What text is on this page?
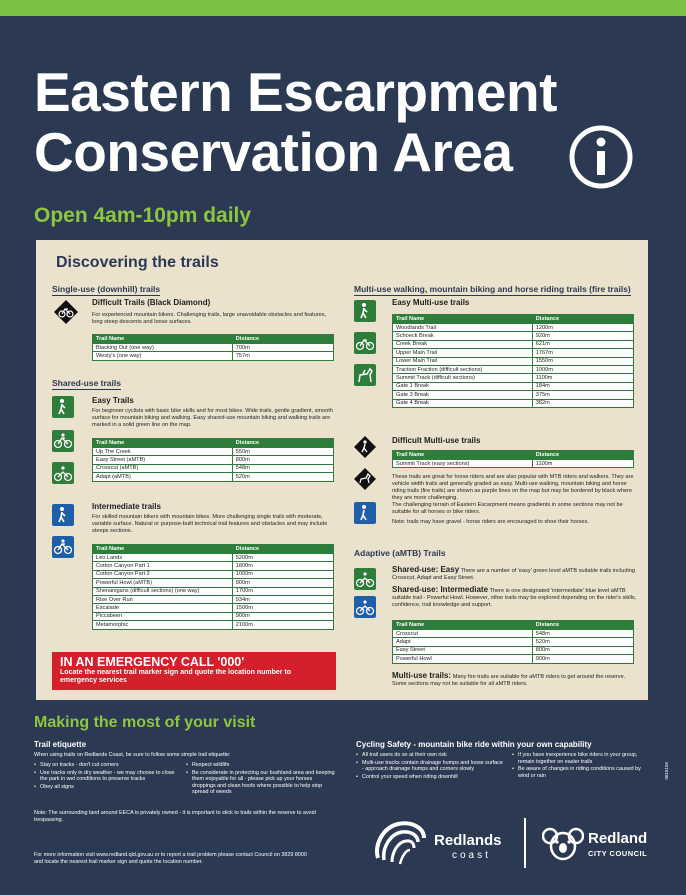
Eastern Escarpment
Conservation Area
Open 4am-10pm daily
Discovering the trails
Single-use (downhill) trails
Difficult Trails (Black Diamond)
For experienced mountain bikers. Challenging trails, large unavoidable obstacles and features, long steep descents and loose surfaces.
Trail Name	Distance
Blacking Out (one way)	700m
Westy's (one way)	757m
Shared-use trails
Easy Trails
For beginner cyclists with basic bike skills and for most bikes. Wide trails, gentle gradient, smooth surface for mountain biking and walking. Easy shared-use mountain biking and walking trails are marked in a solid green line on the map.
Trail Name	Distance
Up The Creek	550m
Easy Street (aMTB)	800m
Crosscut (aMTB)	548m
Adapt (aMTB)	520m
Intermediate trails
For skilled mountain bikers with mountain bikes. More challenging single trails with moderate, variable surface. Natural or purpose-built technical trail features and obstacles and may include steeps sections.
Trail Name	Distance
Leo Lands	5200m
Cotton Canyon Part 1	1800m
Cotton Canyon Part 2	1000m
Powerful Howl (aMTB)	900m
Shenanigans (difficult sections) (one way)	1700m
Rise Over Run	934m
Escalade	1500m
Piccabeen	900m
Metamorphic	2100m
IN AN EMERGENCY CALL '000'
Locate the nearest trail marker sign and quote the location number to emergency services
Multi-use walking, mountain biking and horse riding trails (fire trails)
Easy Multi-use trails
Trail Name	Distance
Woodlands Trail	1200m
Schoeck Break	920m
Creek Break	621m
Upper Main Trail	1767m
Lower Main Trail	1550m
Traction Fraction (difficult sections)	1000m
Summit Track (difficult sections)	1100m
Gate 1 Break	184m
Gate 3 Break	375m
Gate 4 Break	382m
Difficult Multi-use trails
Trail Name	Distance
Summit Track (easy sections)	1100m
These trails are great for horse riders and are also popular with MTB riders and walkers. They are vehicle width trails and generally graded as easy. Multi-use walking, mountain biking and horse riding trails (fire trails) are shown as purple lines on the map but may be bordered by black where they are more challenging.
The challenging terrain of Eastern Escarpment means gradients in some sections may not be suitable for all horses or bike riders.
Note: trails may have gravel - horse riders are encouraged to shoe their horses.
Adaptive (aMTB) Trails
Shared-use: Easy There are a number of 'easy' green level aMTB suitable trails including Crosscut, Adapt and Easy Street.
Shared-use: Intermediate There is one designated 'intermediate' blue level aMTB suitable trail - Powerful Howl. However, other trails may be explored depending on the rider's skills, confidence, trail knowledge and support.
Trail Name	Distance
Crosscut	548m
Adapt	520m
Easy Street	800m
Powerful Howl	900m
Multi-use trails: Many fire trails are suitable for aMTB riders to get around the reserve. Some sections may not be suitable for all aMTB riders.
Making the most of your visit
Trail etiquette
When using trails on Redlands Coast, be sure to follow some simple trail etiquette:
• Stay on tracks - don't cut corners
• Use tracks only in dry weather - we may choose to close the park in wet conditions to preserve tracks
• Obey all signs
• Respect wildlife
• Be considerate in protecting our bushland area and keeping them enjoyable for all - please pick up your horses droppings and clean hoofs where possible to help stop spread of weeds
Note: The surrounding land around EECA is privately owned - it is important to stick to trails within the reserve to avoid trespassing.
Cycling Safety - mountain bike ride within your own capability
• All trail users do so at their own risk
• Multi-use tracks contain drainage humps and loose surface - approach drainage humps and corners slowly
• Control your speed when riding downhill
• If you have inexperience bike riders in your group, remain together on easier trails
• Be aware of changes in riding conditions caused by wind or rain	0816155
For more information visit www.redland.qld.gov.au or to report a trail problem please contact Council on 3829 8000 and locate the nearest trail marker sign and quote the location number.
Redlands
coast
Redland
CITY COUNCIL
